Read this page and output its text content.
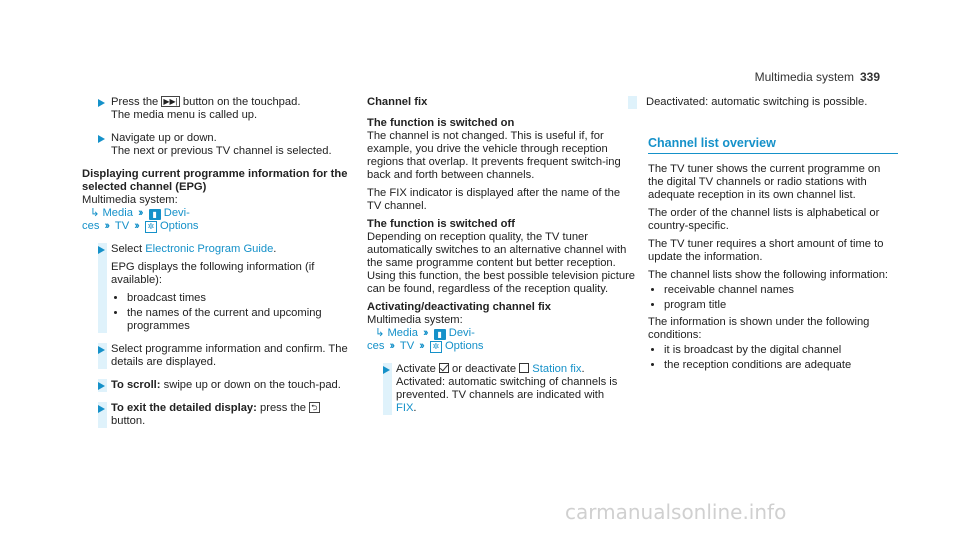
Multimedia system 339

Press the ▶▶| button on the touchpad.
The media menu is called up.

Navigate up or down.
The next or previous TV channel is selected.

Displaying current programme information for the selected channel (EPG)

Multimedia system:
↳ Media ›› ▮ Devi-
ces ›› TV ›› ✲ Options

Select Electronic Program Guide.

EPG displays the following information (if available):

• broadcast times
• the names of the current and upcoming programmes

Select programme information and confirm. The details are displayed.

To scroll: swipe up or down on the touch-pad.

To exit the detailed display: press the ⮌
button.

Channel fix

The function is switched on

The channel is not changed. This is useful if, for example, you drive the vehicle through reception regions that overlap. It prevents frequent switch-ing back and forth between channels.

The FIX indicator is displayed after the name of the TV channel.

The function is switched off

Depending on reception quality, the TV tuner automatically switches to an alternative channel with the same programme content but better reception. Using this function, the best possible television picture can be found, regardless of the reception quality.

Activating/deactivating channel fix

Multimedia system:
↳ Media ›› ▮ Devi-
ces ›› TV ›› ✲ Options

Activate or deactivate Station fix.
Activated: automatic switching of channels is prevented. TV channels are indicated with
FIX.

Deactivated: automatic switching is possible.

Channel list overview

The TV tuner shows the current programme on the digital TV channels or radio stations with adequate reception in its own channel list.

The order of the channel lists is alphabetical or country-specific.

The TV tuner requires a short amount of time to update the information.

The channel lists show the following information:

• receivable channel names
• program title

The information is shown under the following conditions:

• it is broadcast by the digital channel
• the reception conditions are adequate
carmanualsonline.info
